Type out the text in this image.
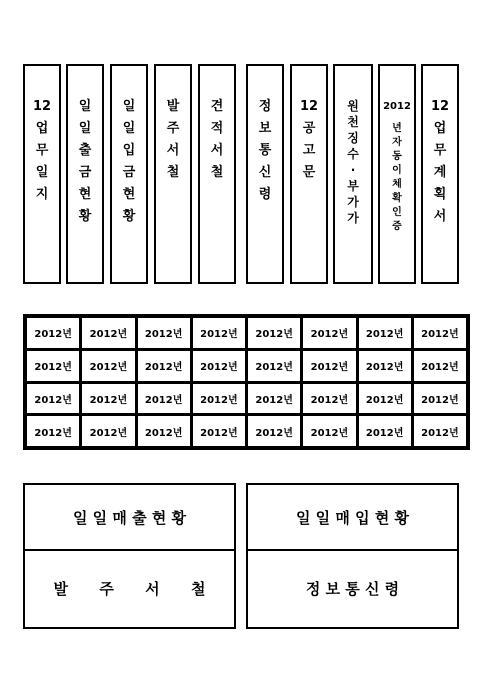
12
업
무
일
지
일
일
출
금
현
황
일
일
입
금
현
황
발
주
서
철
견
적
서
철
정
보
통
신
령
12
공
고
문
원
천
징
수
·
부
가
가
2012
년
자
동
이
체
확
인
증
12
업
무
계
획
서
2012년	2012년	2012년	2012년	2012년	2012년	2012년	2012년
2012년	2012년	2012년	2012년	2012년	2012년	2012년	2012년
2012년	2012년	2012년	2012년	2012년	2012년	2012년	2012년
2012년	2012년	2012년	2012년	2012년	2012년	2012년	2012년
일 일 매 출 현 황
발      주      서      철
일 일 매 입 현 황
정 보 통 신 령
